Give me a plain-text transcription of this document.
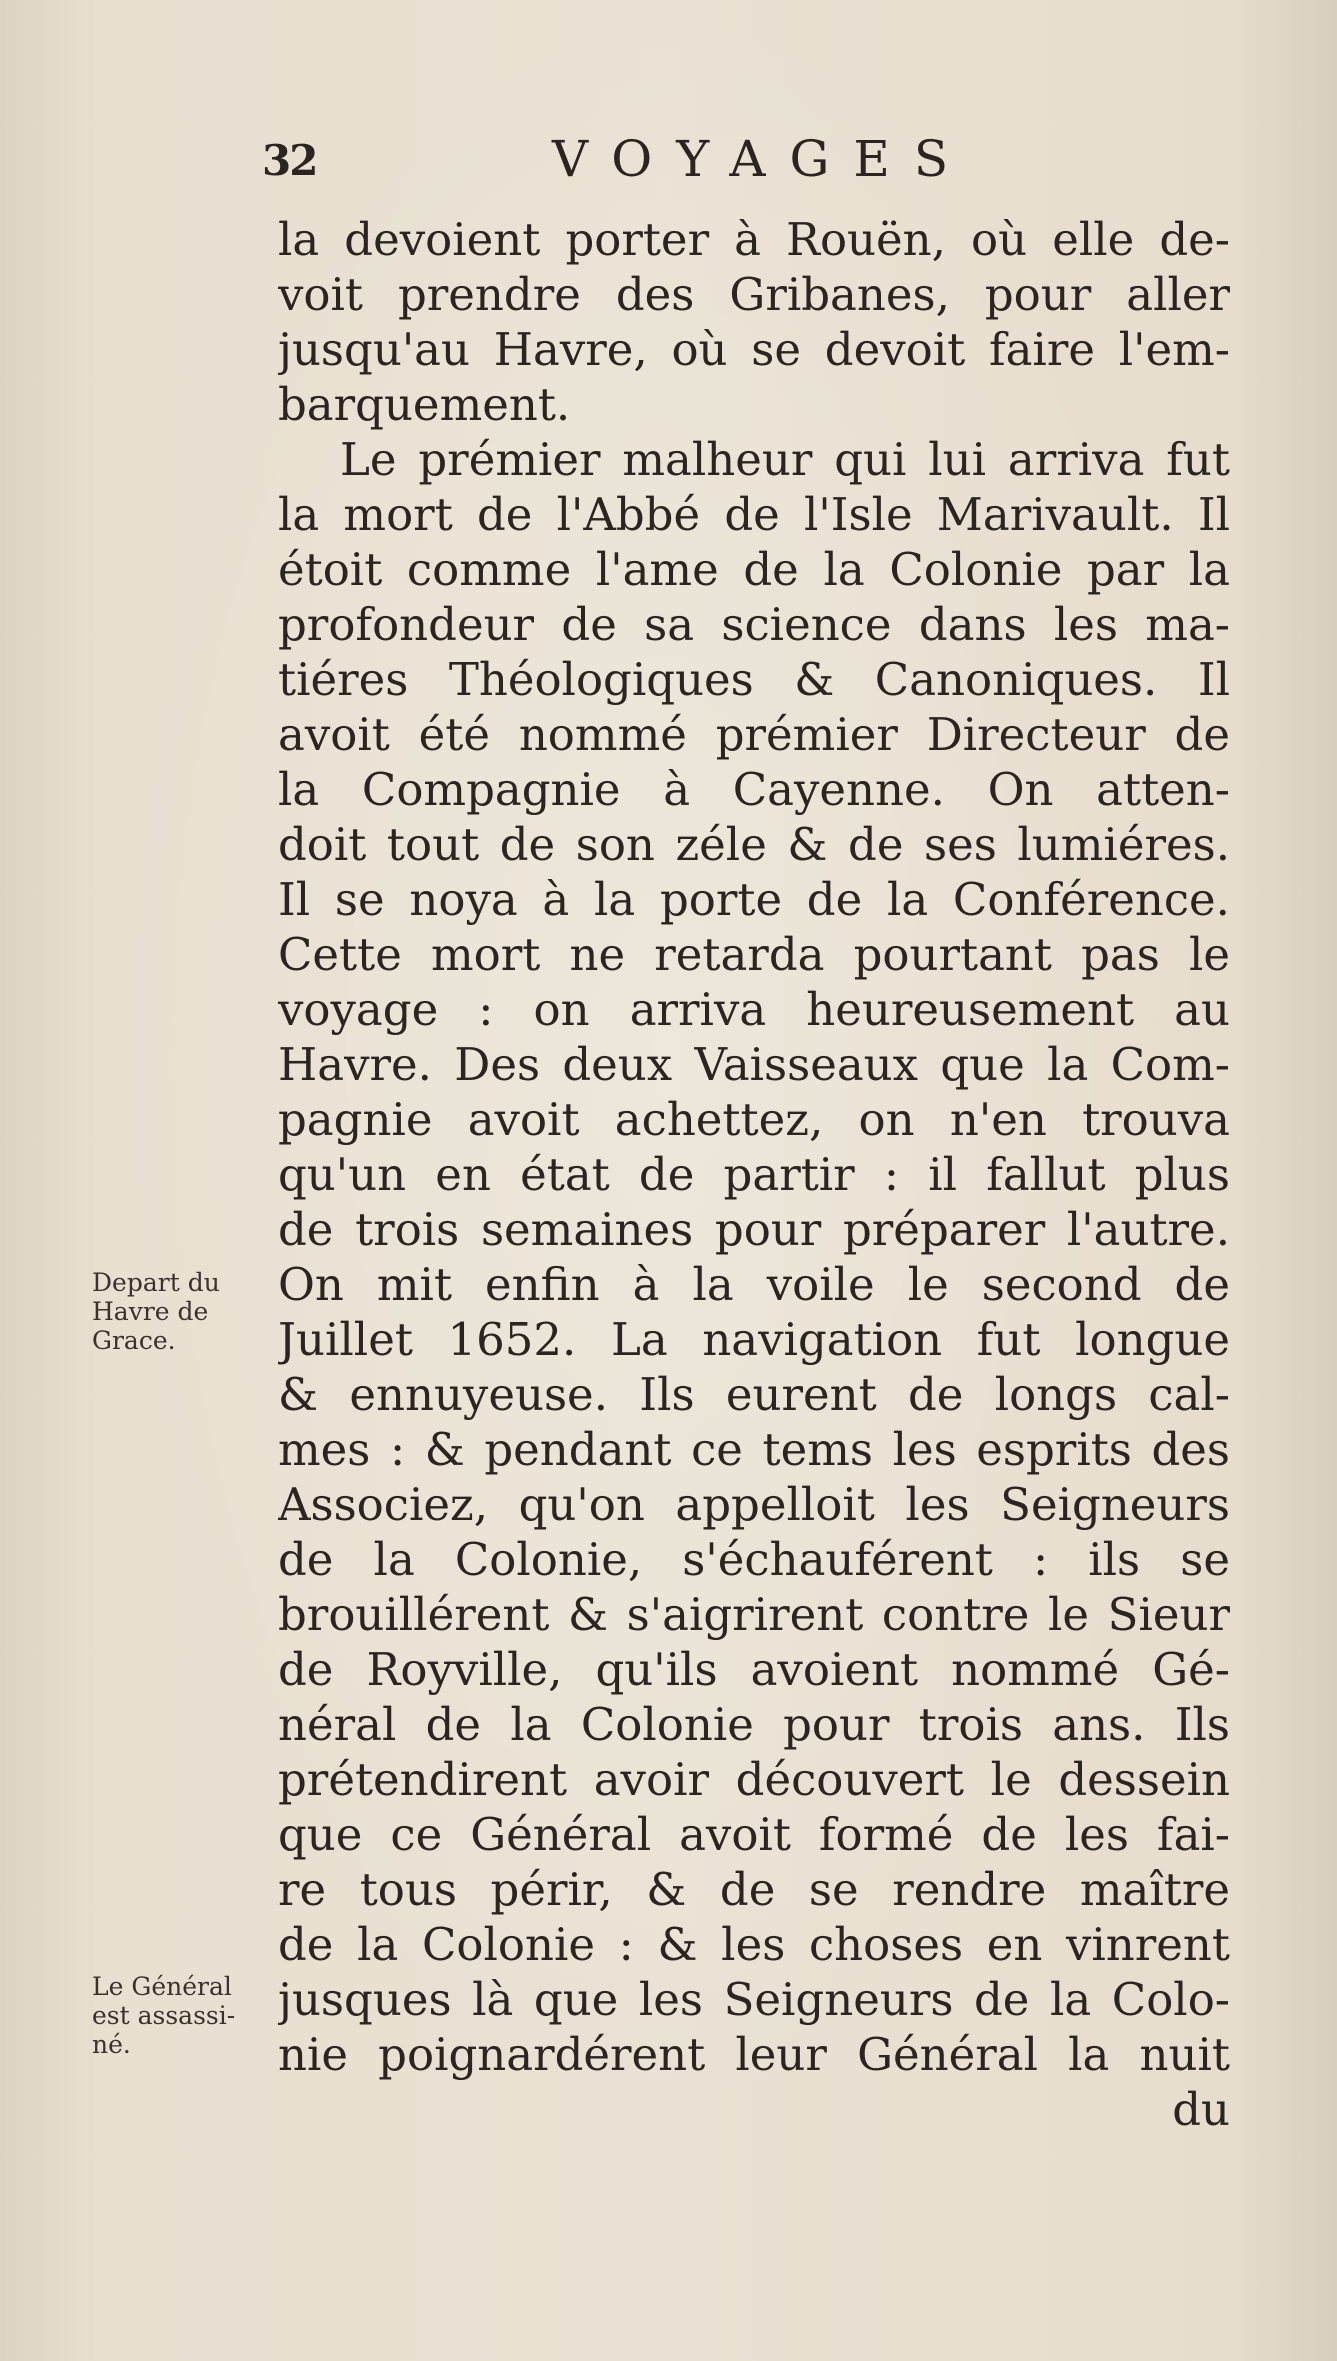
32	VOYAGES
la devoient porter à Rouën, où elle de-
voit prendre des Gribanes, pour aller
jusqu'au Havre, où se devoit faire l'em-
barquement.
Le prémier malheur qui lui arriva fut
la mort de l'Abbé de l'Isle Marivault. Il
étoit comme l'ame de la Colonie par la
profondeur de sa science dans les ma-
tiéres Théologiques & Canoniques. Il
avoit été nommé prémier Directeur de
la Compagnie à Cayenne. On atten-
doit tout de son zéle & de ses lumiéres.
Il se noya à la porte de la Conférence.
Cette mort ne retarda pourtant pas le
voyage : on arriva heureusement au
Havre. Des deux Vaisseaux que la Com-
pagnie avoit achettez, on n'en trouva
qu'un en état de partir : il fallut plus
de trois semaines pour préparer l'autre.
On mit enfin à la voile le second de
Juillet 1652. La navigation fut longue
& ennuyeuse. Ils eurent de longs cal-
mes : & pendant ce tems les esprits des
Associez, qu'on appelloit les Seigneurs
de la Colonie, s'échauférent : ils se
brouillérent & s'aigrirent contre le Sieur
de Royville, qu'ils avoient nommé Gé-
néral de la Colonie pour trois ans. Ils
prétendirent avoir découvert le dessein
que ce Général avoit formé de les fai-
re tous périr, & de se rendre maître
de la Colonie : & les choses en vinrent
jusques là que les Seigneurs de la Colo-
nie poignardérent leur Général la nuit
du
Depart du
Havre de
Grace.
Le Général
est assassi-
né.
